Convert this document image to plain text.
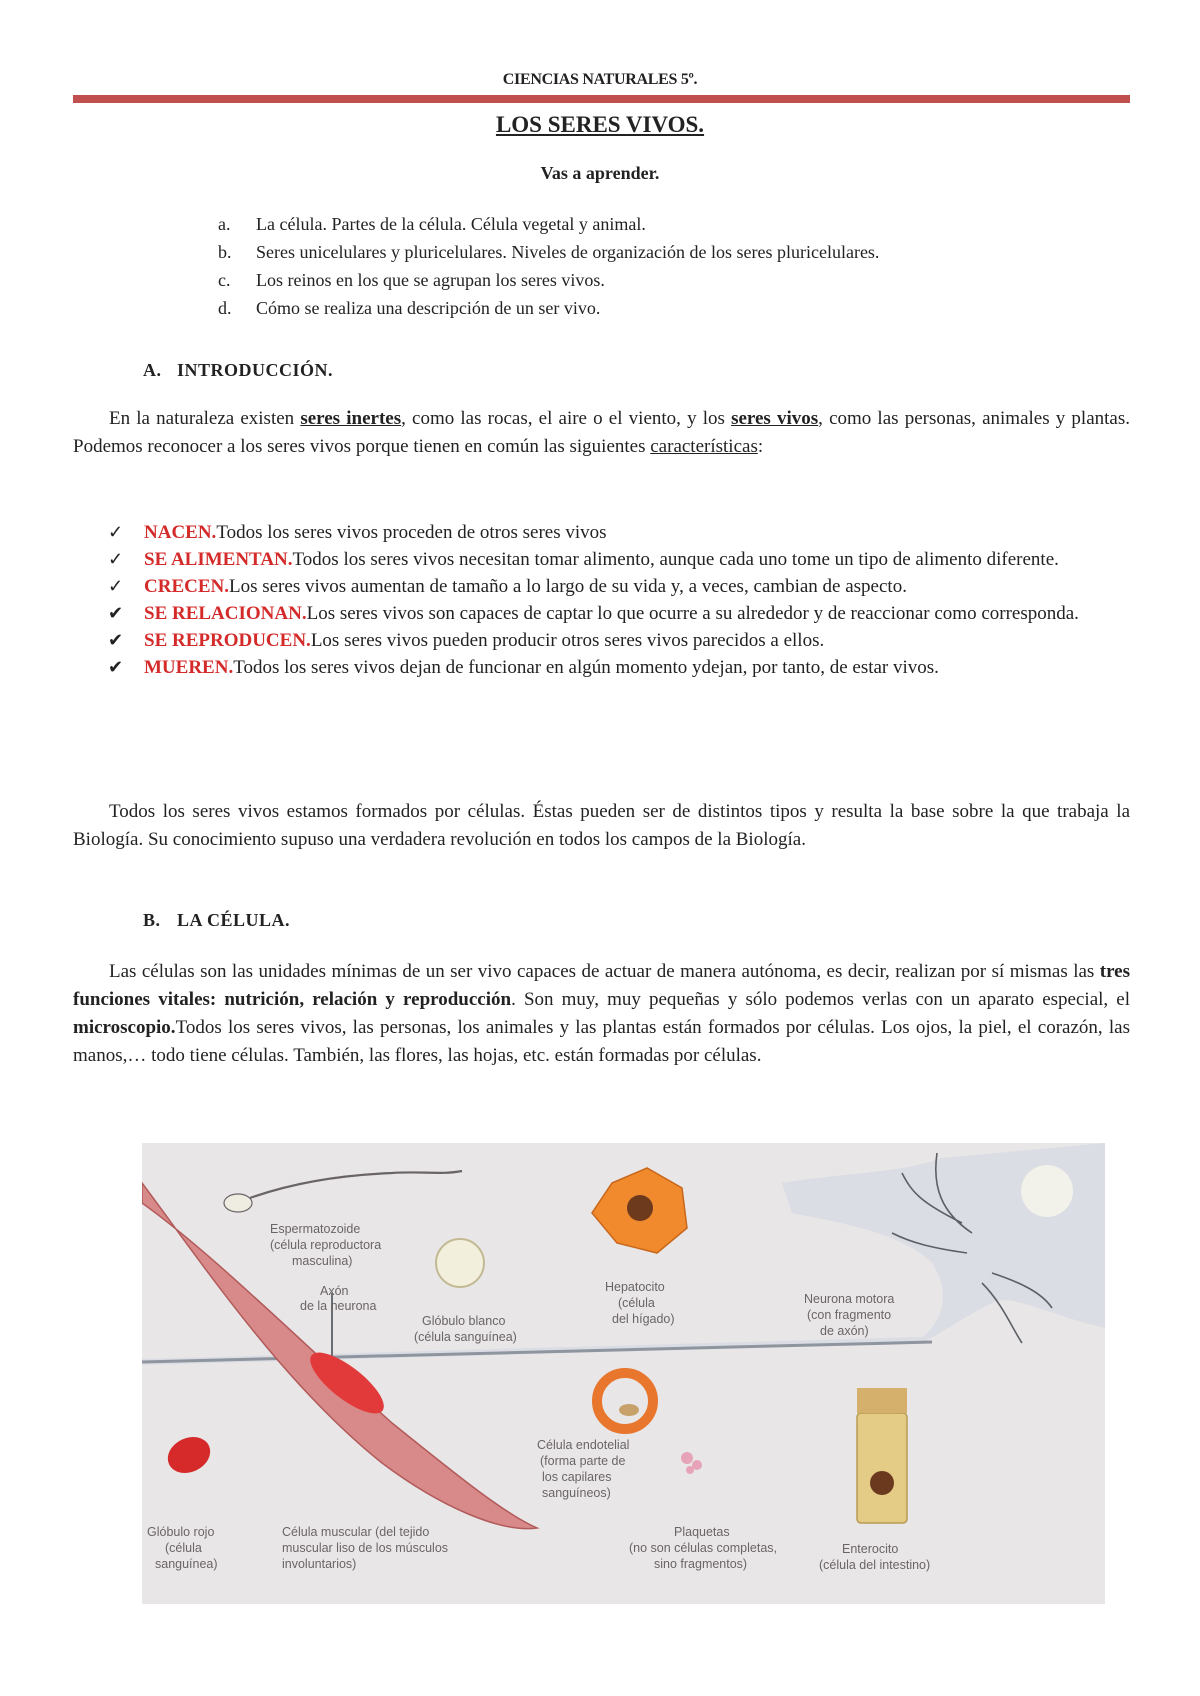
CIENCIAS NATURALES 5º.
LOS SERES VIVOS.
Vas a aprender.
a. La célula. Partes de la célula. Célula vegetal y animal.
b. Seres unicelulares y pluricelulares. Niveles de organización de los seres pluricelulares.
c. Los reinos en los que se agrupan los seres vivos.
d. Cómo se realiza una descripción de un ser vivo.
A. INTRODUCCIÓN.

En la naturaleza existen seres inertes, como las rocas, el aire o el viento, y los seres vivos, como las personas, animales y plantas. Podemos reconocer a los seres vivos porque tienen en común las siguientes características:

✓	NACEN.Todos los seres vivos proceden de otros seres vivos
✓	SE ALIMENTAN.Todos los seres vivos necesitan tomar alimento, aunque cada uno tome un tipo de alimento diferente.
✓	CRECEN.Los seres vivos aumentan de tamaño a lo largo de su vida y, a veces, cambian de aspecto.
✔	SE RELACIONAN.Los seres vivos son capaces de captar lo que ocurre a su alrededor y de reaccionar como corresponda.
✔	SE REPRODUCEN.Los seres vivos pueden producir otros seres vivos parecidos a ellos.
✔	MUEREN.Todos los seres vivos dejan de funcionar en algún momento ydejan, por tanto, de estar vivos.

Todos los seres vivos estamos formados por células. Éstas pueden ser de distintos tipos y resulta la base sobre la que trabaja la Biología. Su conocimiento supuso una verdadera revolución en todos los campos de la Biología.

B. LA CÉLULA.

Las células son las unidades mínimas de un ser vivo capaces de actuar de manera autónoma, es decir, realizan por sí mismas las tres funciones vitales: nutrición, relación y reproducción. Son muy, muy pequeñas y sólo podemos verlas con un aparato especial, el microscopio.Todos los seres vivos, las personas, los animales y las plantas están formados por células. Los ojos, la piel, el corazón, las manos,… todo tiene células. También, las flores, las hojas, etc. están formadas por células.

Espermatozoide
(célula reproductora
masculina)
Axón
de la neurona
Glóbulo blanco
(célula sanguínea)
Hepatocito
(célula
del hígado)
Neurona motora
(con fragmento
de axón)
Célula endotelial
(forma parte de
los capilares
sanguíneos)
Glóbulo rojo
(célula
sanguínea)
Célula muscular (del tejido
muscular liso de los músculos
involuntarios)
Plaquetas
(no son células completas,
sino fragmentos)
Enterocito
(célula del intestino)
